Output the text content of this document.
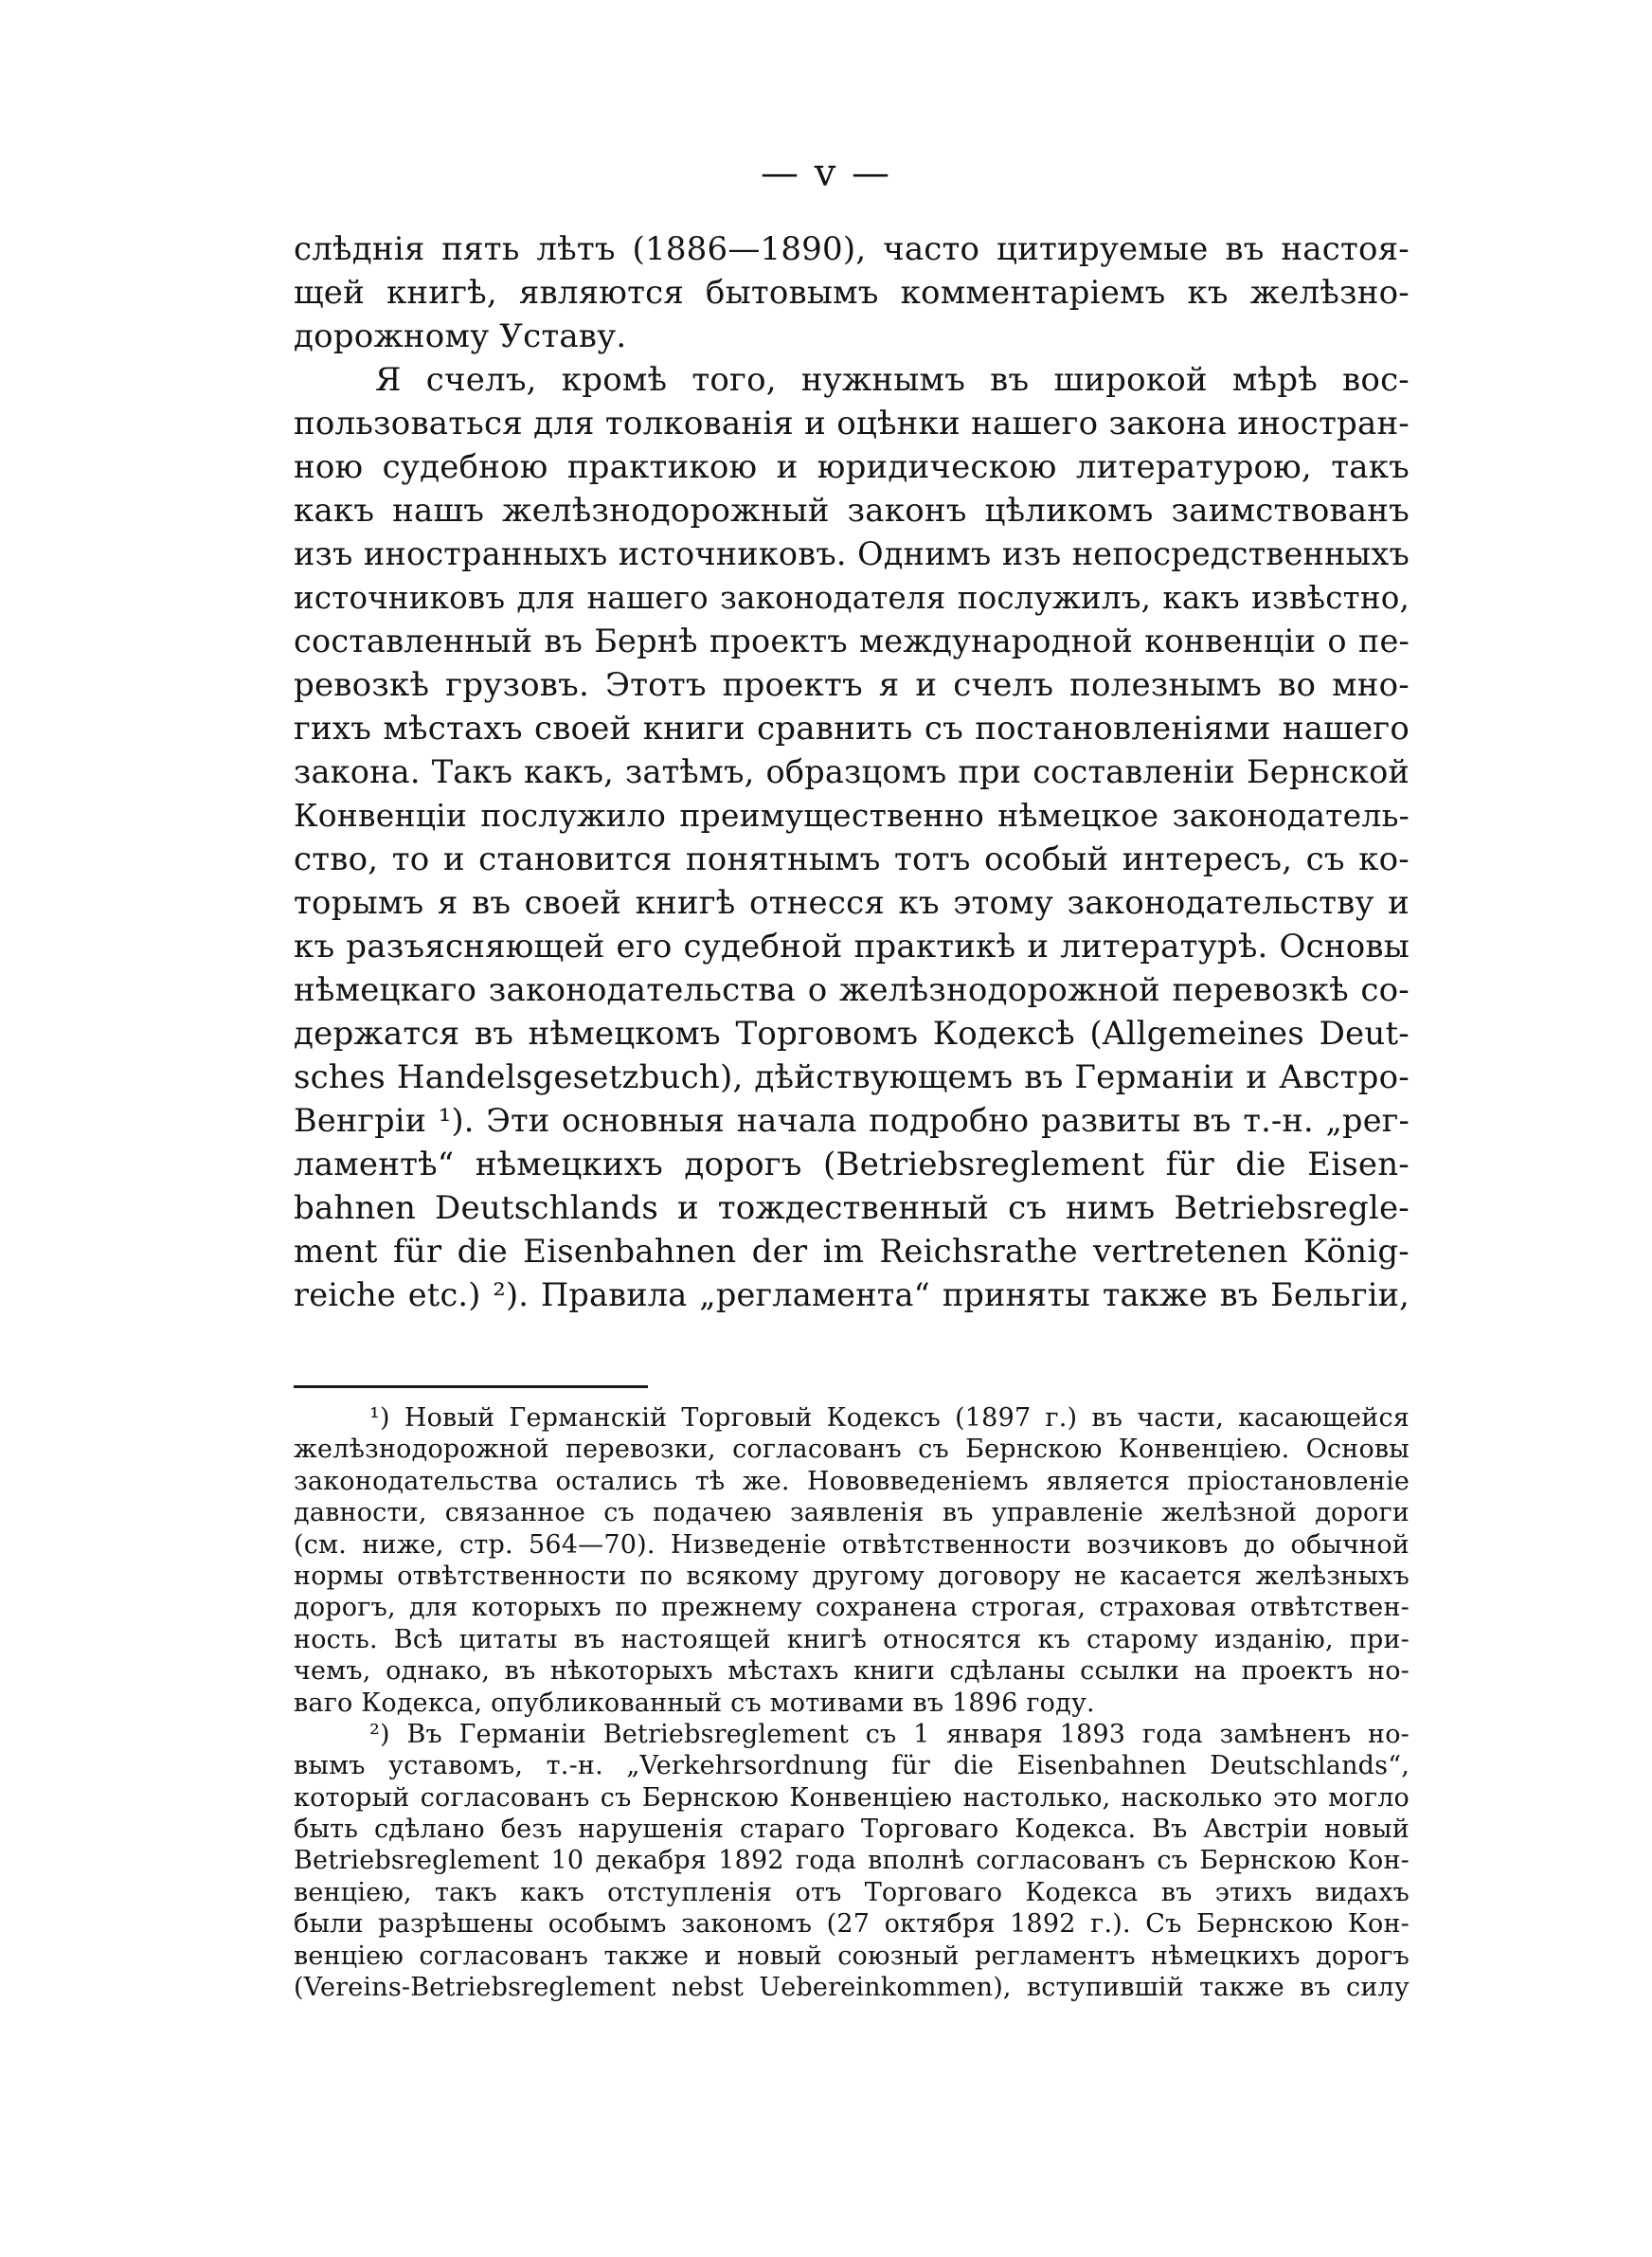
— v —
слѣднія пять лѣтъ (1886—1890), часто цитируемые въ настоя-
щей книгѣ, являются бытовымъ комментаріемъ къ желѣзно-
дорожному Уставу.
Я счелъ, кромѣ того, нужнымъ въ широкой мѣрѣ вос-
пользоваться для толкованія и оцѣнки нашего закона иностран-
ною судебною практикою и юридическою литературою, такъ
какъ нашъ желѣзнодорожный законъ цѣликомъ заимствованъ
изъ иностранныхъ источниковъ. Однимъ изъ непосредственныхъ
источниковъ для нашего законодателя послужилъ, какъ извѣстно,
составленный въ Бернѣ проектъ международной конвенціи о пе-
ревозкѣ грузовъ. Этотъ проектъ я и счелъ полезнымъ во мно-
гихъ мѣстахъ своей книги сравнить съ постановленіями нашего
закона. Такъ какъ, затѣмъ, образцомъ при составленіи Бернской
Конвенціи послужило преимущественно нѣмецкое законодатель-
ство, то и становится понятнымъ тотъ особый интересъ, съ ко-
торымъ я въ своей книгѣ отнесся къ этому законодательству и
къ разъясняющей его судебной практикѣ и литературѣ. Основы
нѣмецкаго законодательства о желѣзнодорожной перевозкѣ со-
держатся въ нѣмецкомъ Торговомъ Кодексѣ (Allgemeines Deut-
sches Handelsgesetzbuch), дѣйствующемъ въ Германіи и Австро-
Венгріи ¹). Эти основныя начала подробно развиты въ т.-н. „рег-
ламентѣ“ нѣмецкихъ дорогъ (Betriebsreglement für die Eisen-
bahnen Deutschlands и тождественный съ нимъ Betriebsregle-
ment für die Eisenbahnen der im Reichsrathe vertretenen König-
reiche etc.) ²). Правила „регламента“ приняты также въ Бельгіи,
¹) Новый Германскій Торговый Кодексъ (1897 г.) въ части, касающейся
желѣзнодорожной перевозки, согласованъ съ Бернскою Конвенціею. Основы
законодательства остались тѣ же. Нововведеніемъ является пріостановленіе
давности, связанное съ подачею заявленія въ управленіе желѣзной дороги
(см. ниже, стр. 564—70). Низведеніе отвѣтственности возчиковъ до обычной
нормы отвѣтственности по всякому другому договору не касается желѣзныхъ
дорогъ, для которыхъ по прежнему сохранена строгая, страховая отвѣтствен-
ность. Всѣ цитаты въ настоящей книгѣ относятся къ старому изданію, при-
чемъ, однако, въ нѣкоторыхъ мѣстахъ книги сдѣланы ссылки на проектъ но-
ваго Кодекса, опубликованный съ мотивами въ 1896 году.
²) Въ Германіи Betriebsreglement съ 1 января 1893 года замѣненъ но-
вымъ уставомъ, т.-н. „Verkehrsordnung für die Eisenbahnen Deutschlands“,
который согласованъ съ Бернскою Конвенціею настолько, насколько это могло
быть сдѣлано безъ нарушенія стараго Торговаго Кодекса. Въ Австріи новый
Betriebsreglement 10 декабря 1892 года вполнѣ согласованъ съ Бернскою Кон-
венціею, такъ какъ отступленія отъ Торговаго Кодекса въ этихъ видахъ
были разрѣшены особымъ закономъ (27 октября 1892 г.). Съ Бернскою Кон-
венціею согласованъ также и новый союзный регламентъ нѣмецкихъ дорогъ
(Vereins-Betriebsreglement nebst Uebereinkommen), вступившій также въ силу
